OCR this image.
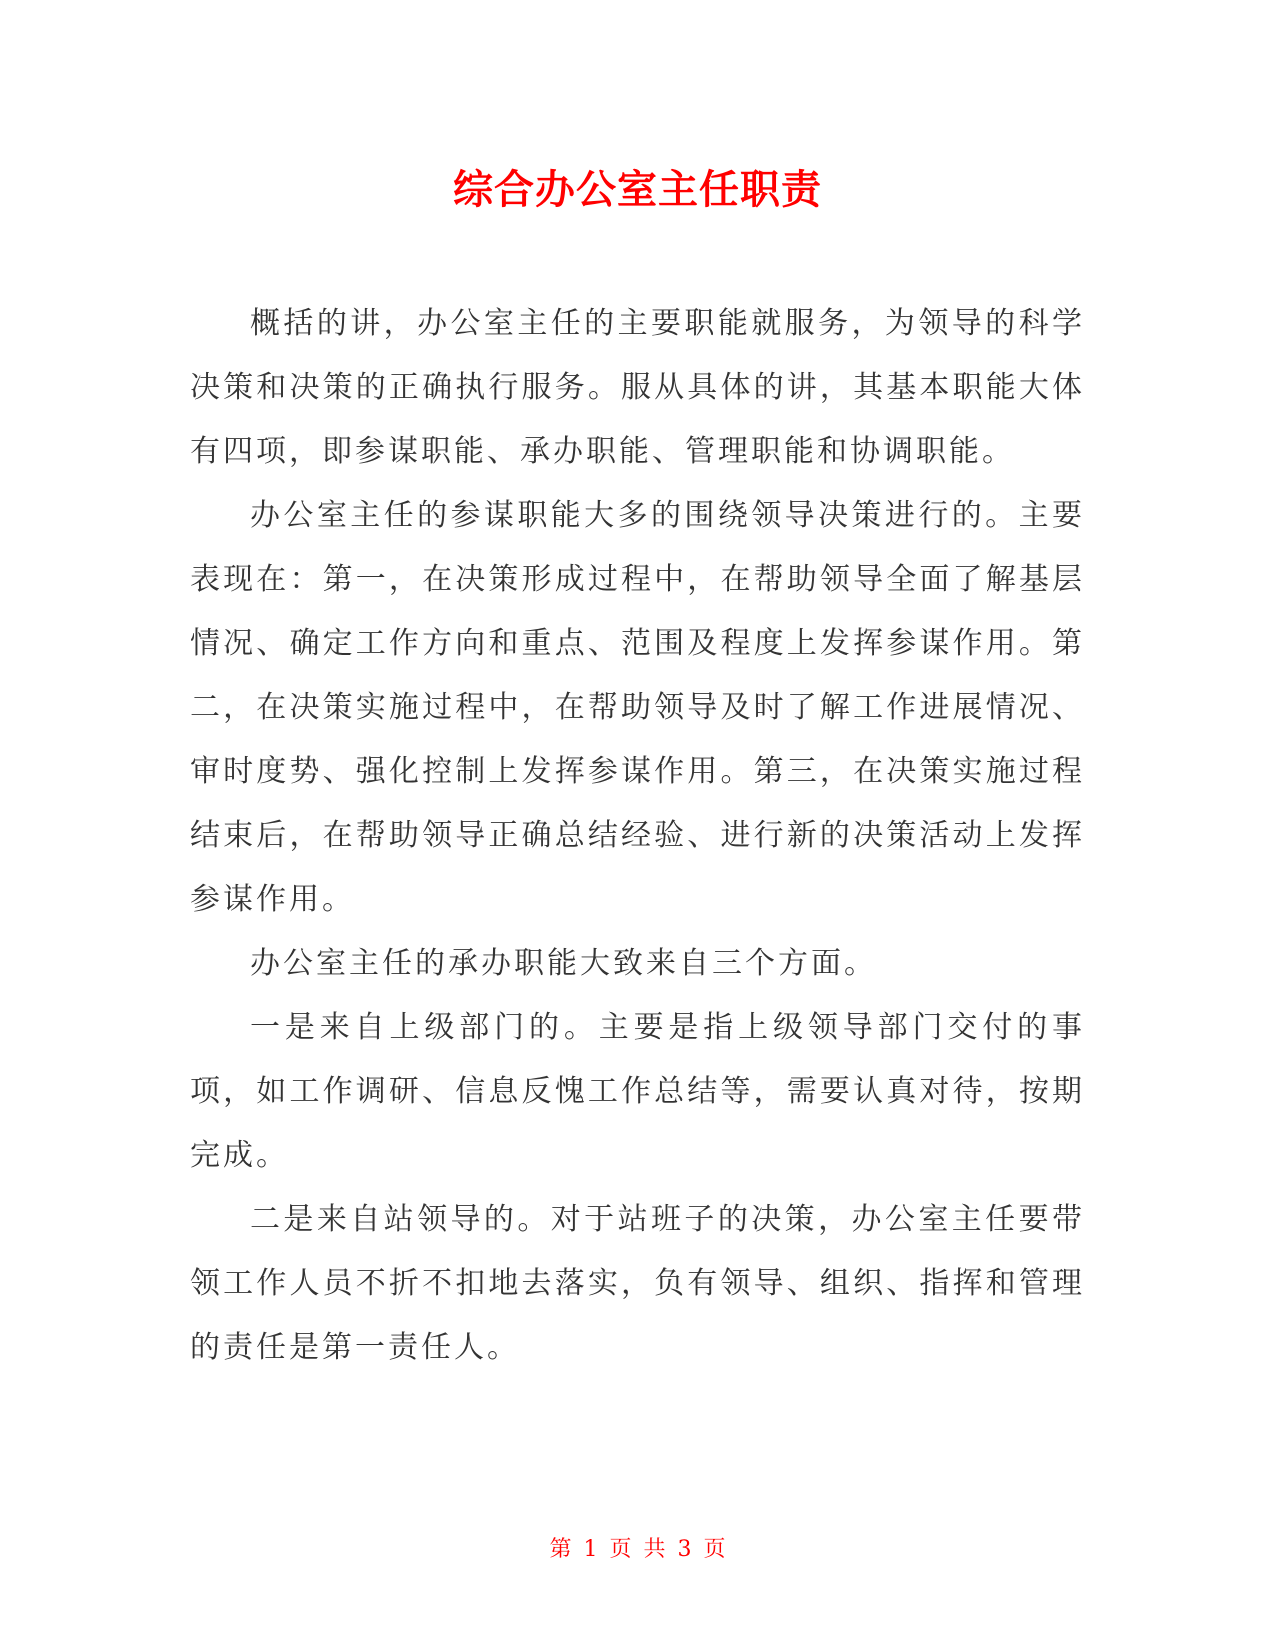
综合办公室主任职责

概括的讲，办公室主任的主要职能就服务，为领导的科学决策和决策的正确执行服务。服从具体的讲，其基本职能大体有四项，即参谋职能、承办职能、管理职能和协调职能。

办公室主任的参谋职能大多的围绕领导决策进行的。主要表现在：第一，在决策形成过程中，在帮助领导全面了解基层情况、确定工作方向和重点、范围及程度上发挥参谋作用。第二，在决策实施过程中，在帮助领导及时了解工作进展情况、审时度势、强化控制上发挥参谋作用。第三，在决策实施过程结束后，在帮助领导正确总结经验、进行新的决策活动上发挥参谋作用。

办公室主任的承办职能大致来自三个方面。

一是来自上级部门的。主要是指上级领导部门交付的事项，如工作调研、信息反愧工作总结等，需要认真对待，按期完成。

二是来自站领导的。对于站班子的决策，办公室主任要带领工作人员不折不扣地去落实，负有领导、组织、指挥和管理的责任是第一责任人。

第 1 页 共 3 页
